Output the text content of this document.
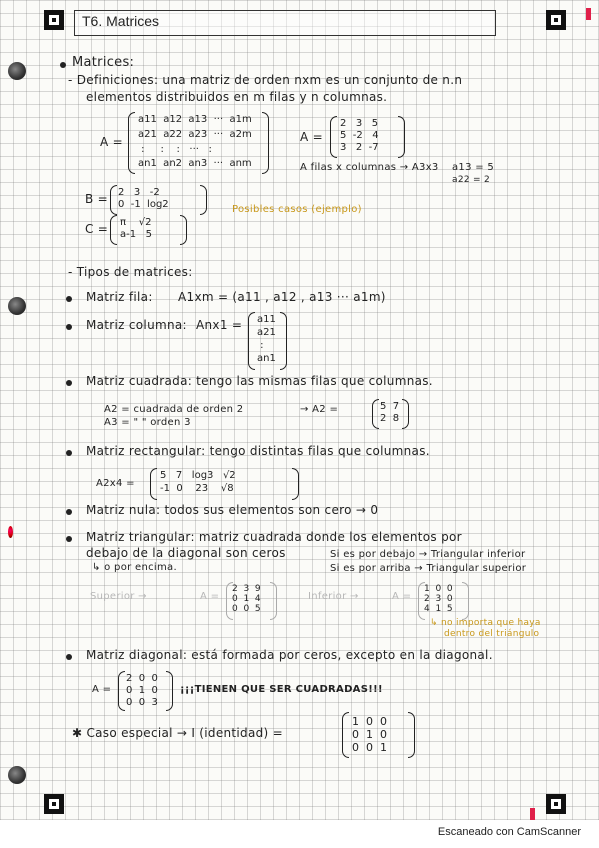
T6. Matrices
Matrices:
- Definiciones: una matriz de orden nxm es un conjunto de n.n
elementos distribuidos en m filas y n columnas.
A =
a11  a12  a13  ···  a1m
a21  a22  a23  ···  a2m
:     :    :   ···   :
an1  an2  an3  ···  anm
A =
2   3   5
5  -2   4
3   2  -7
A filas x columnas → A3x3 a13 = 5
a22 = 2
B = 2   3   -2
0  -1  log2
C = π    √2
a-1   5
Posibles casos (ejemplo)
- Tipos de matrices:
Matriz fila: A1xm = (a11 , a12 , a13 ··· a1m)
Matriz columna: Anx1 = a11
a21
:
an1
Matriz cuadrada: tengo las mismas filas que columnas.
A2 = cuadrada de orden 2
A3 = " " orden 3
→ A2 =	5  7
2  8
Matriz rectangular: tengo distintas filas que columnas.
A2x4 =
5   7   log3   √2
-1  0    23    √8
Matriz nula: todos sus elementos son cero → 0
Matriz triangular: matriz cuadrada donde los elementos por
debajo de la diagonal son ceros
↳ o por encima.
Si es por debajo → Triangular inferior
Si es por arriba → Triangular superior
Superior →	A =
2  3  9
0  1  4
0  0  5
Inferior →	A =
1  0  0
2  3  0
4  1  5
↳ no importa que haya
dentro del triángulo
Matriz diagonal: está formada por ceros, excepto en la diagonal.
A =
2  0  0
0  1  0
0  0  3
¡¡¡TIENEN QUE SER CUADRADAS!!!
✱ Caso especial → I (identidad) =
1  0  0
0  1  0
0  0  1
Escaneado con CamScanner
